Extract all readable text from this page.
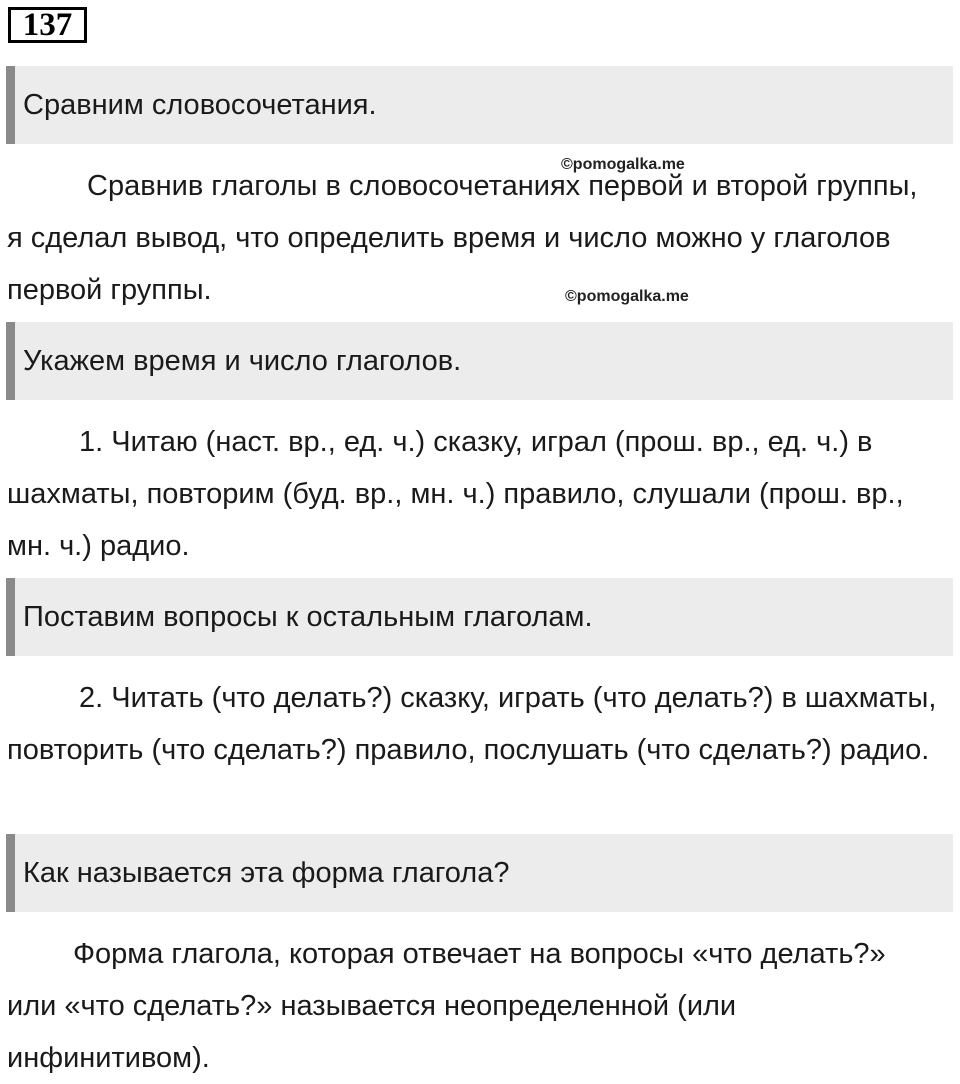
137
Сравним словосочетания.

Сравнив глаголы в словосочетаниях первой и второй группы, я сделал вывод, что определить время и число можно у глаголов первой группы.

©pomogalka.me
©pomogalka.me
Укажем время и число глаголов.

1. Читаю (наст. вр., ед. ч.) сказку, играл (прош. вр., ед. ч.) в шахматы, повторим (буд. вр., мн. ч.) правило, слушали (прош. вр., мн. ч.) радио.

Поставим вопросы к остальным глаголам.

2. Читать (что делать?) сказку, играть (что делать?) в шахматы, повторить (что сделать?) правило, послушать (что сделать?) радио.

Как называется эта форма глагола?

Форма глагола, которая отвечает на вопросы «что делать?» или «что сделать?» называется неопределенной (или инфинитивом).
